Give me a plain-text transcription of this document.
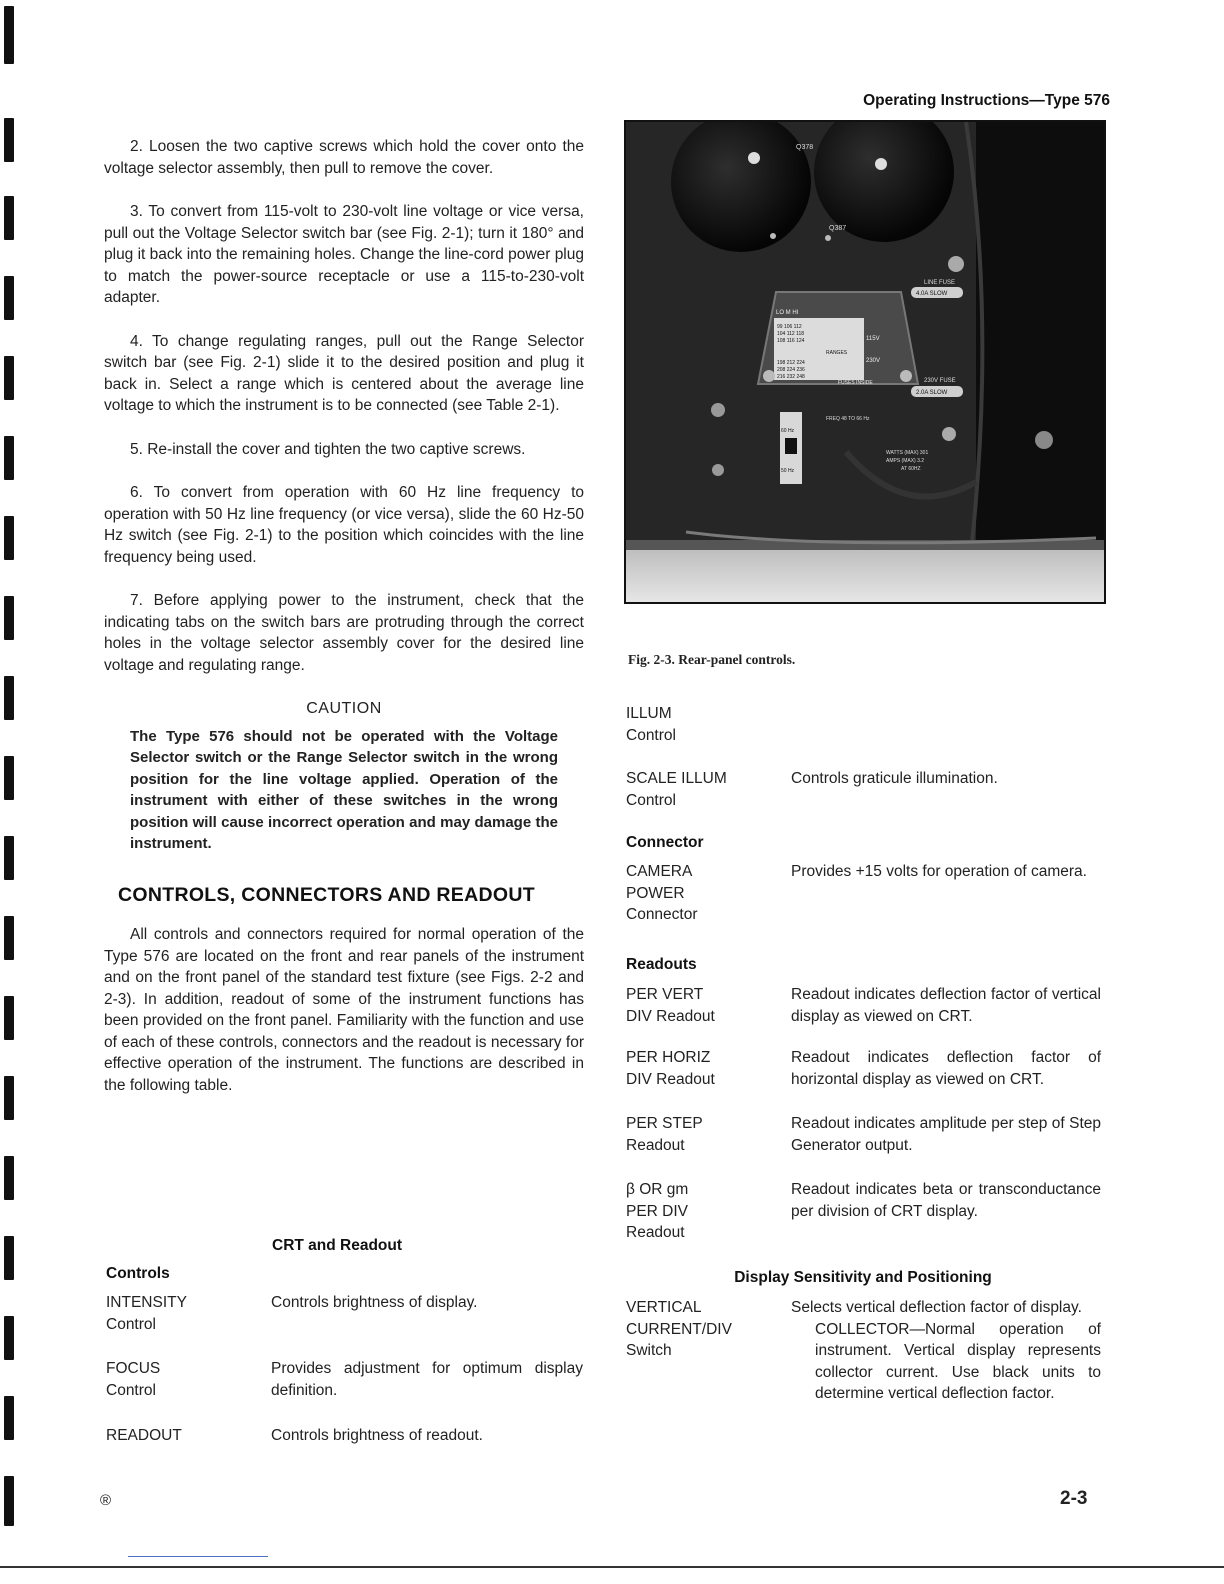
Operating Instructions—Type 576

2. Loosen the two captive screws which hold the cover onto the voltage selector assembly, then pull to remove the cover.

3. To convert from 115-volt to 230-volt line voltage or vice versa, pull out the Voltage Selector switch bar (see Fig. 2-1); turn it 180° and plug it back into the remaining holes. Change the line-cord power plug to match the power-source receptacle or use a 115-to-230-volt adapter.

4. To change regulating ranges, pull out the Range Selector switch bar (see Fig. 2-1) slide it to the desired position and plug it back in. Select a range which is centered about the average line voltage to which the instrument is to be connected (see Table 2-1).

5. Re-install the cover and tighten the two captive screws.

6. To convert from operation with 60 Hz line frequency to operation with 50 Hz line frequency (or vice versa), slide the 60 Hz-50 Hz switch (see Fig. 2-1) to the position which coincides with the line frequency being used.

7. Before applying power to the instrument, check that the indicating tabs on the switch bars are protruding through the correct holes in the voltage selector assembly cover for the desired line voltage and regulating range.

CAUTION
The Type 576 should not be operated with the Voltage Selector switch or the Range Selector switch in the wrong position for the line voltage applied. Operation of the instrument with either of these switches in the wrong position will cause incorrect operation and may damage the instrument.
CONTROLS, CONNECTORS AND READOUT

All controls and connectors required for normal operation of the Type 576 are located on the front and rear panels of the instrument and on the front panel of the standard test fixture (see Figs. 2-2 and 2-3). In addition, readout of some of the instrument functions has been provided on the front panel. Familiarity with the function and use of each of these controls, connectors and the readout is necessary for effective operation of the instrument. The functions are described in the following table.

CRT and Readout
Controls
INTENSITY
Control
Controls brightness of display.
FOCUS
Control
Provides adjustment for optimum display definition.
READOUT	Controls brightness of readout.
Q378
Q387
LINE FUSE
4.0A SLOW
230V FUSE
2.0A SLOW
LO M HI
99 106 112
104 112 118
108 116 124
RANGES
198 212 224
208 224 236
216 232 248
115V
230V
FUSES INSIDE
60 Hz
50 Hz
FREQ 48 TO 66 Hz
WATTS (MAX) 301
AMPS (MAX) 3.2
AT 60HZ
Fig. 2-3. Rear-panel controls.
ILLUM
Control
SCALE ILLUM
Control
Controls graticule illumination.
Connector
CAMERA
POWER
Connector
Provides +15 volts for operation of camera.
Readouts
PER VERT
DIV Readout
Readout indicates deflection factor of vertical display as viewed on CRT.
PER HORIZ
DIV Readout
Readout indicates deflection factor of horizontal display as viewed on CRT.
PER STEP
Readout
Readout indicates amplitude per step of Step Generator output.
β OR gm
PER DIV
Readout
Readout indicates beta or transconductance per division of CRT display.
Display Sensitivity and Positioning
VERTICAL
CURRENT/DIV
Switch
Selects vertical deflection factor of display.
COLLECTOR—Normal operation of instrument. Vertical display represents collector current. Use black units to determine vertical deflection factor.
®	2-3
